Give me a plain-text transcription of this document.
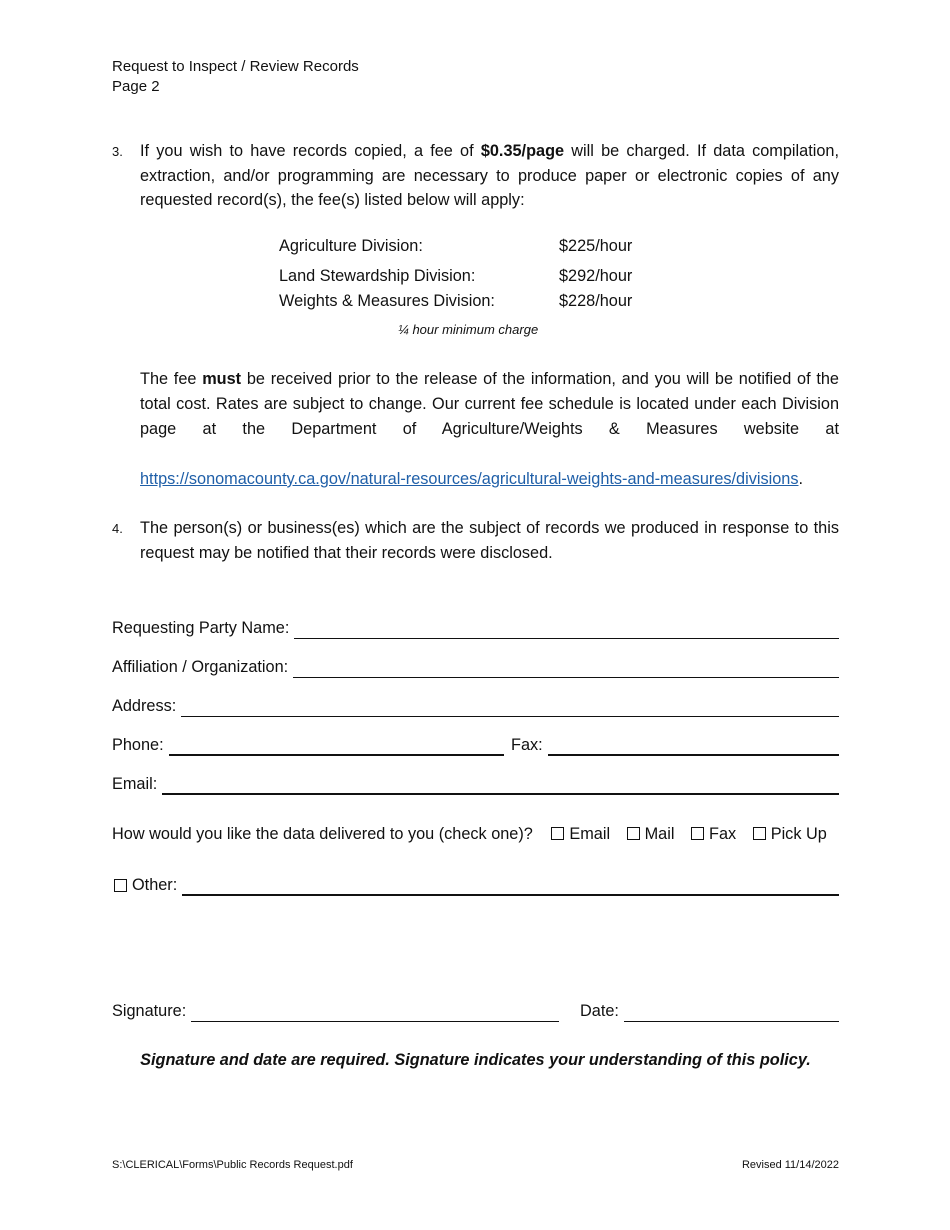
Request to Inspect / Review Records
Page 2
3. If you wish to have records copied, a fee of $0.35/page will be charged. If data compilation, extraction, and/or programming are necessary to produce paper or electronic copies of any requested record(s), the fee(s) listed below will apply:
Agriculture Division:	$225/hour
Land Stewardship Division:	$292/hour
Weights & Measures Division:	$228/hour
¼ hour minimum charge
The fee must be received prior to the release of the information, and you will be notified of the total cost. Rates are subject to change. Our current fee schedule is located under each Division page at the Department of Agriculture/Weights & Measures website at https://sonomacounty.ca.gov/natural-resources/agricultural-weights-and-measures/divisions.
4. The person(s) or business(es) which are the subject of records we produced in response to this request may be notified that their records were disclosed.
Requesting Party Name:
Affiliation / Organization:
Address:
Phone:	Fax:
Email:
How would you like the data delivered to you (check one)? Email Mail Fax Pick Up
Other:
Signature:	Date:
Signature and date are required. Signature indicates your understanding of this policy.
S:\CLERICAL\Forms\Public Records Request.pdf	Revised 11/14/2022
